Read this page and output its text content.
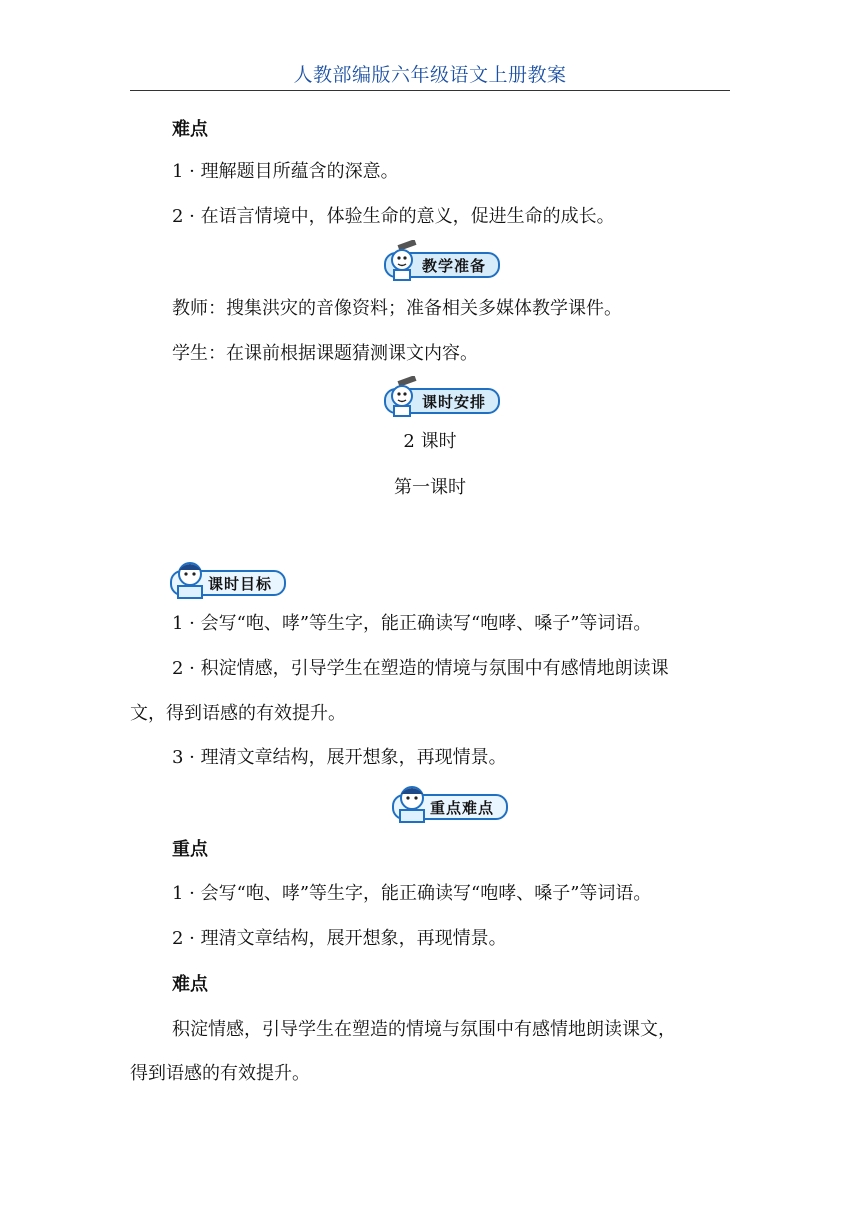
人教部编版六年级语文上册教案
难点
1 · 理解题目所蕴含的深意。
2 · 在语言情境中，体验生命的意义，促进生命的成长。
教学准备
教师：搜集洪灾的音像资料；准备相关多媒体教学课件。
学生：在课前根据课题猜测课文内容。
课时安排
2 课时
第一课时
课时目标
1 · 会写“咆、哮”等生字，能正确读写“咆哮、嗓子”等词语。
2 · 积淀情感，引导学生在塑造的情境与氛围中有感情地朗读课
文，得到语感的有效提升。
3 · 理清文章结构，展开想象，再现情景。
重点难点
重点
1 · 会写“咆、哮”等生字，能正确读写“咆哮、嗓子”等词语。
2 · 理清文章结构，展开想象，再现情景。
难点
积淀情感，引导学生在塑造的情境与氛围中有感情地朗读课文，
得到语感的有效提升。
